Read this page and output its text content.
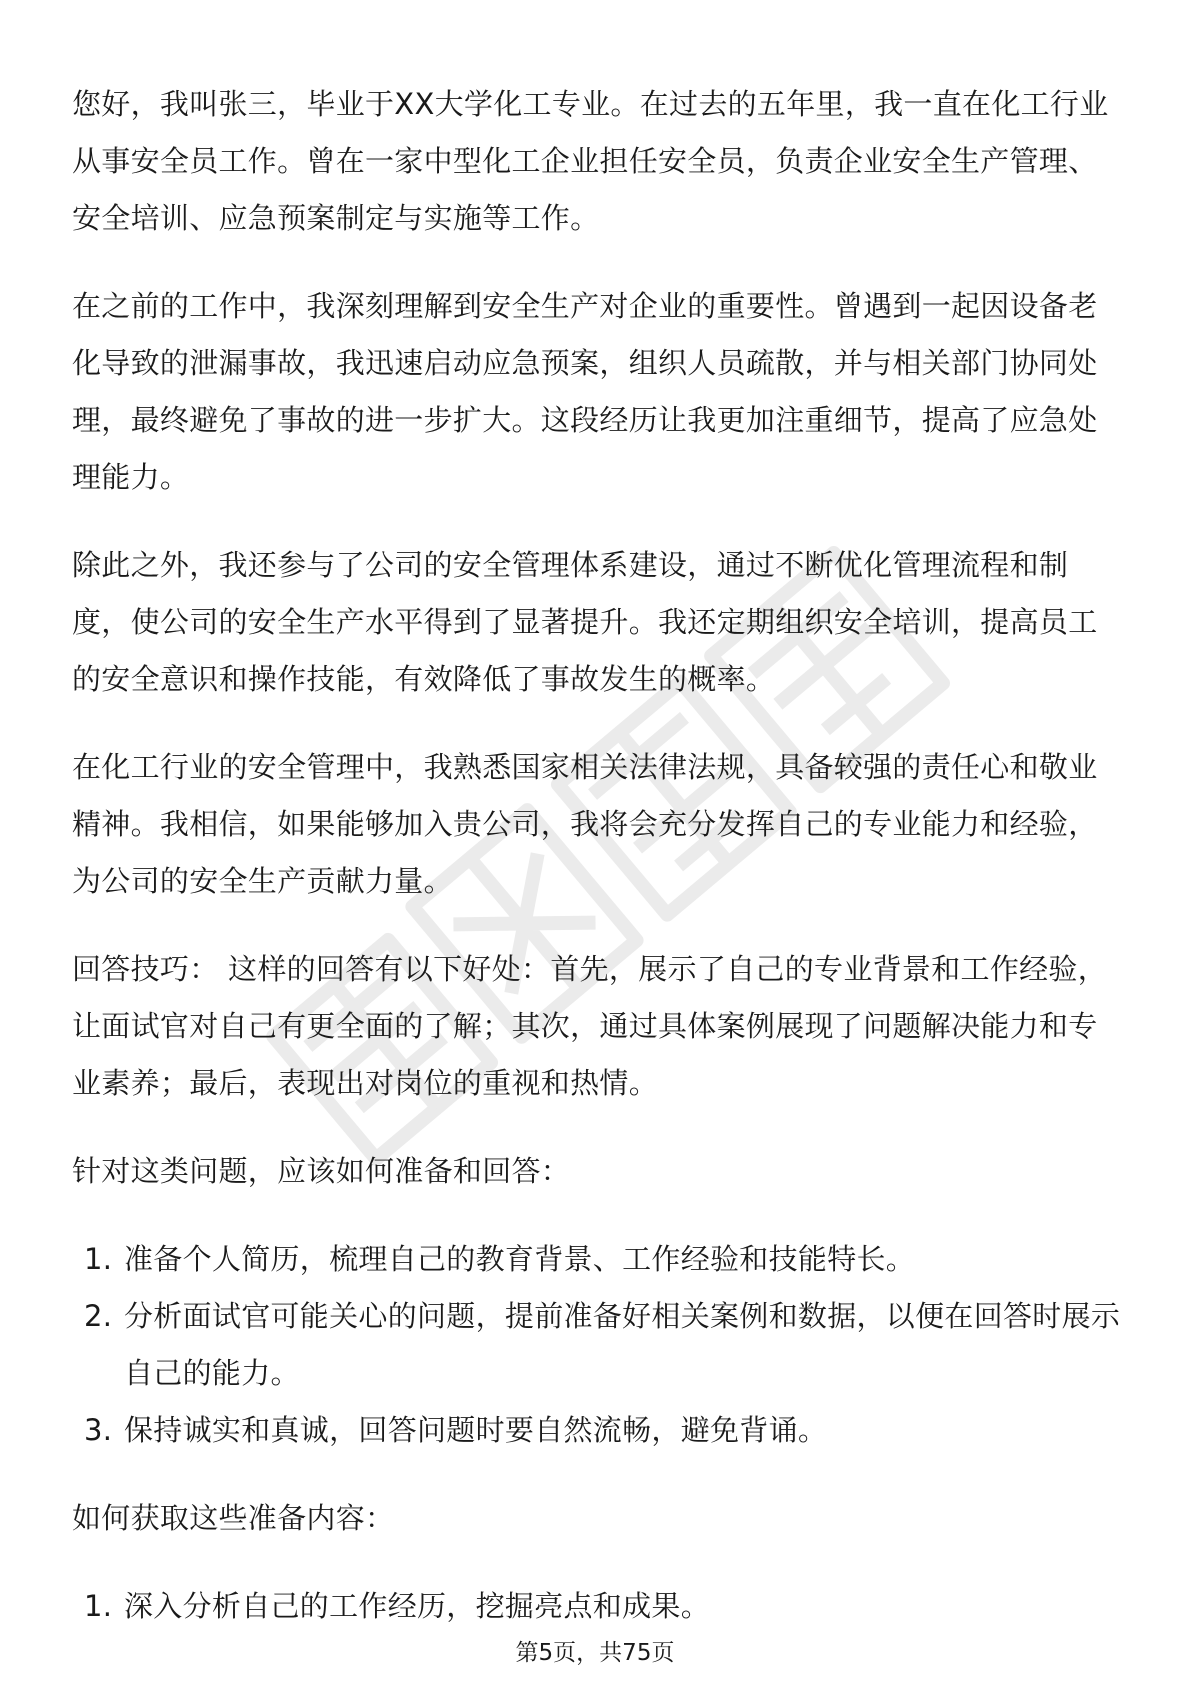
您好，我叫张三，毕业于XX大学化工专业。在过去的五年里，我一直在化工行业从事安全员工作。曾在一家中型化工企业担任安全员，负责企业安全生产管理、安全培训、应急预案制定与实施等工作。

在之前的工作中，我深刻理解到安全生产对企业的重要性。曾遇到一起因设备老化导致的泄漏事故，我迅速启动应急预案，组织人员疏散，并与相关部门协同处理，最终避免了事故的进一步扩大。这段经历让我更加注重细节，提高了应急处理能力。

除此之外，我还参与了公司的安全管理体系建设，通过不断优化管理流程和制度，使公司的安全生产水平得到了显著提升。我还定期组织安全培训，提高员工的安全意识和操作技能，有效降低了事故发生的概率。

在化工行业的安全管理中，我熟悉国家相关法律法规，具备较强的责任心和敬业精神。我相信，如果能够加入贵公司，我将会充分发挥自己的专业能力和经验，为公司的安全生产贡献力量。

回答技巧： 这样的回答有以下好处：首先，展示了自己的专业背景和工作经验，让面试官对自己有更全面的了解；其次，通过具体案例展现了问题解决能力和专业素养；最后，表现出对岗位的重视和热情。

针对这类问题，应该如何准备和回答：

1. 准备个人简历，梳理自己的教育背景、工作经验和技能特长。
2. 分析面试官可能关心的问题，提前准备好相关案例和数据，以便在回答时展示自己的能力。
3. 保持诚实和真诚，回答问题时要自然流畅，避免背诵。

如何获取这些准备内容：

1. 深入分析自己的工作经历，挖掘亮点和成果。
第5页，共75页
